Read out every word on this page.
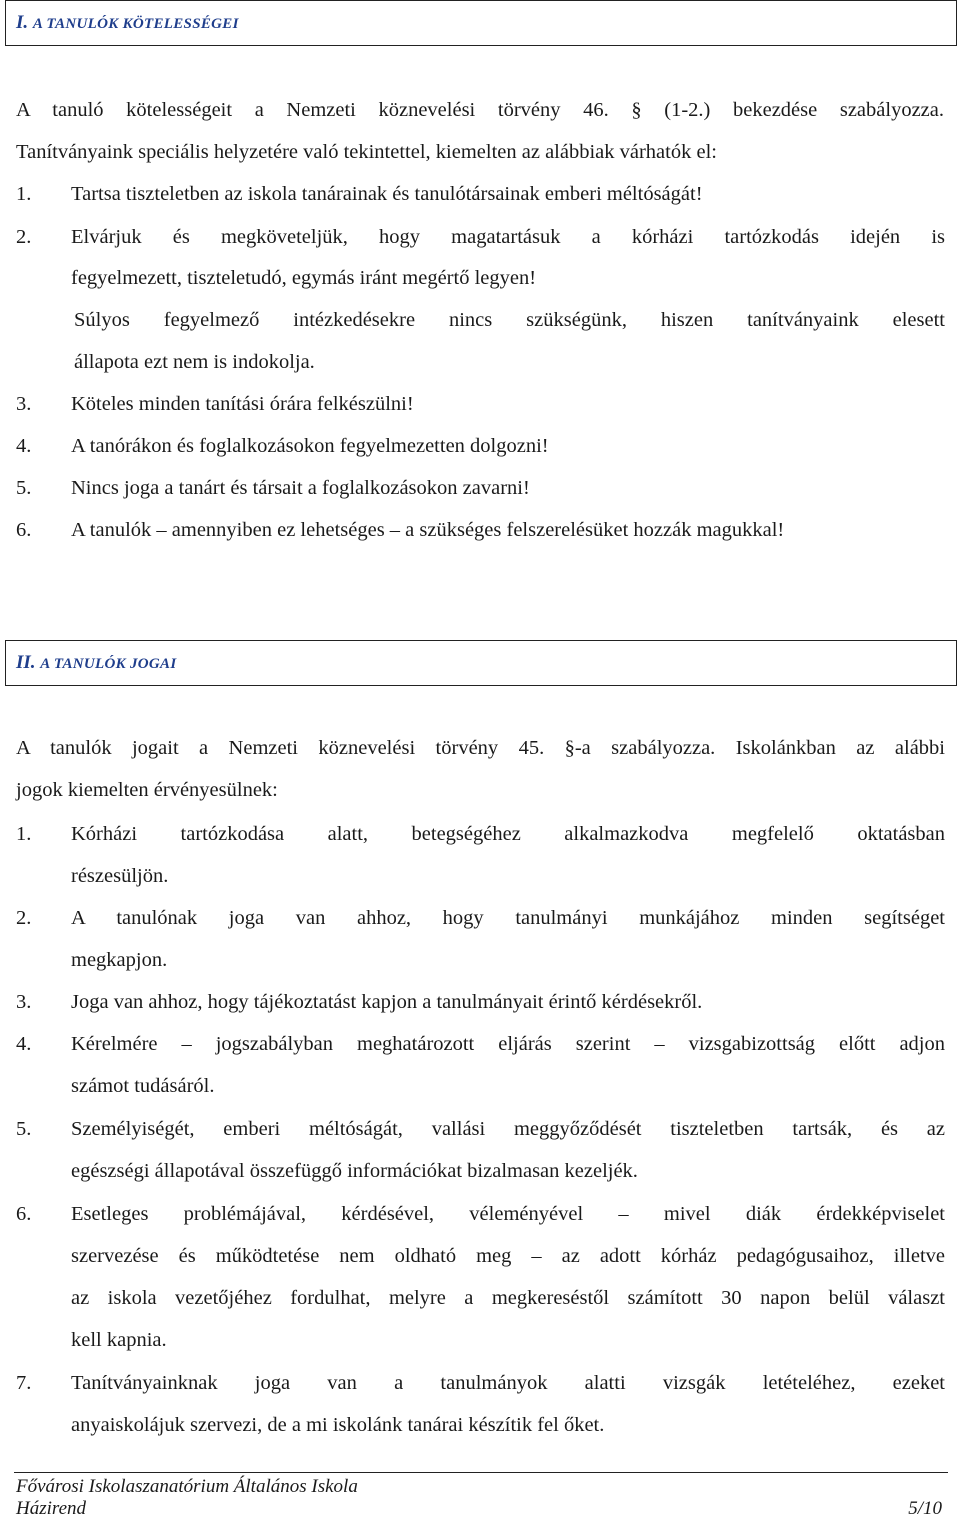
I. A TANULÓK KÖTELESSÉGEI
A tanuló kötelességeit a Nemzeti köznevelési törvény 46. § (1-2.) bekezdése szabályozza.
Tanítványaink speciális helyzetére való tekintettel, kiemelten az alábbiak várhatók el:
1. Tartsa tiszteletben az iskola tanárainak és tanulótársainak emberi méltóságát!
2. Elvárjuk és megköveteljük, hogy magatartásuk a kórházi tartózkodás idején is
fegyelmezett, tiszteletudó, egymás iránt megértő legyen!
Súlyos fegyelmező intézkedésekre nincs szükségünk, hiszen tanítványaink elesett
állapota ezt nem is indokolja.
3. Köteles minden tanítási órára felkészülni!
4. A tanórákon és foglalkozásokon fegyelmezetten dolgozni!
5. Nincs joga a tanárt és társait a foglalkozásokon zavarni!
6. A tanulók – amennyiben ez lehetséges – a szükséges felszerelésüket hozzák magukkal!
II. A TANULÓK JOGAI
A tanulók jogait a Nemzeti köznevelési törvény 45. §-a szabályozza. Iskolánkban az alábbi
jogok kiemelten érvényesülnek:
1. Kórházi tartózkodása alatt, betegségéhez alkalmazkodva megfelelő oktatásban
részesüljön.
2. A tanulónak joga van ahhoz, hogy tanulmányi munkájához minden segítséget
megkapjon.
3. Joga van ahhoz, hogy tájékoztatást kapjon a tanulmányait érintő kérdésekről.
4. Kérelmére – jogszabályban meghatározott eljárás szerint – vizsgabizottság előtt adjon
számot tudásáról.
5. Személyiségét, emberi méltóságát, vallási meggyőződését tiszteletben tartsák, és az
egészségi állapotával összefüggő információkat bizalmasan kezeljék.
6. Esetleges problémájával, kérdésével, véleményével – mivel diák érdekképviselet
szervezése és működtetése nem oldható meg – az adott kórház pedagógusaihoz, illetve
az iskola vezetőjéhez fordulhat, melyre a megkereséstől számított 30 napon belül választ
kell kapnia.
7. Tanítványainknak joga van a tanulmányok alatti vizsgák letételéhez, ezeket
anyaiskolájuk szervezi, de a mi iskolánk tanárai készítik fel őket.
Fővárosi Iskolaszanatórium Általános Iskola
Házirend	5/10
